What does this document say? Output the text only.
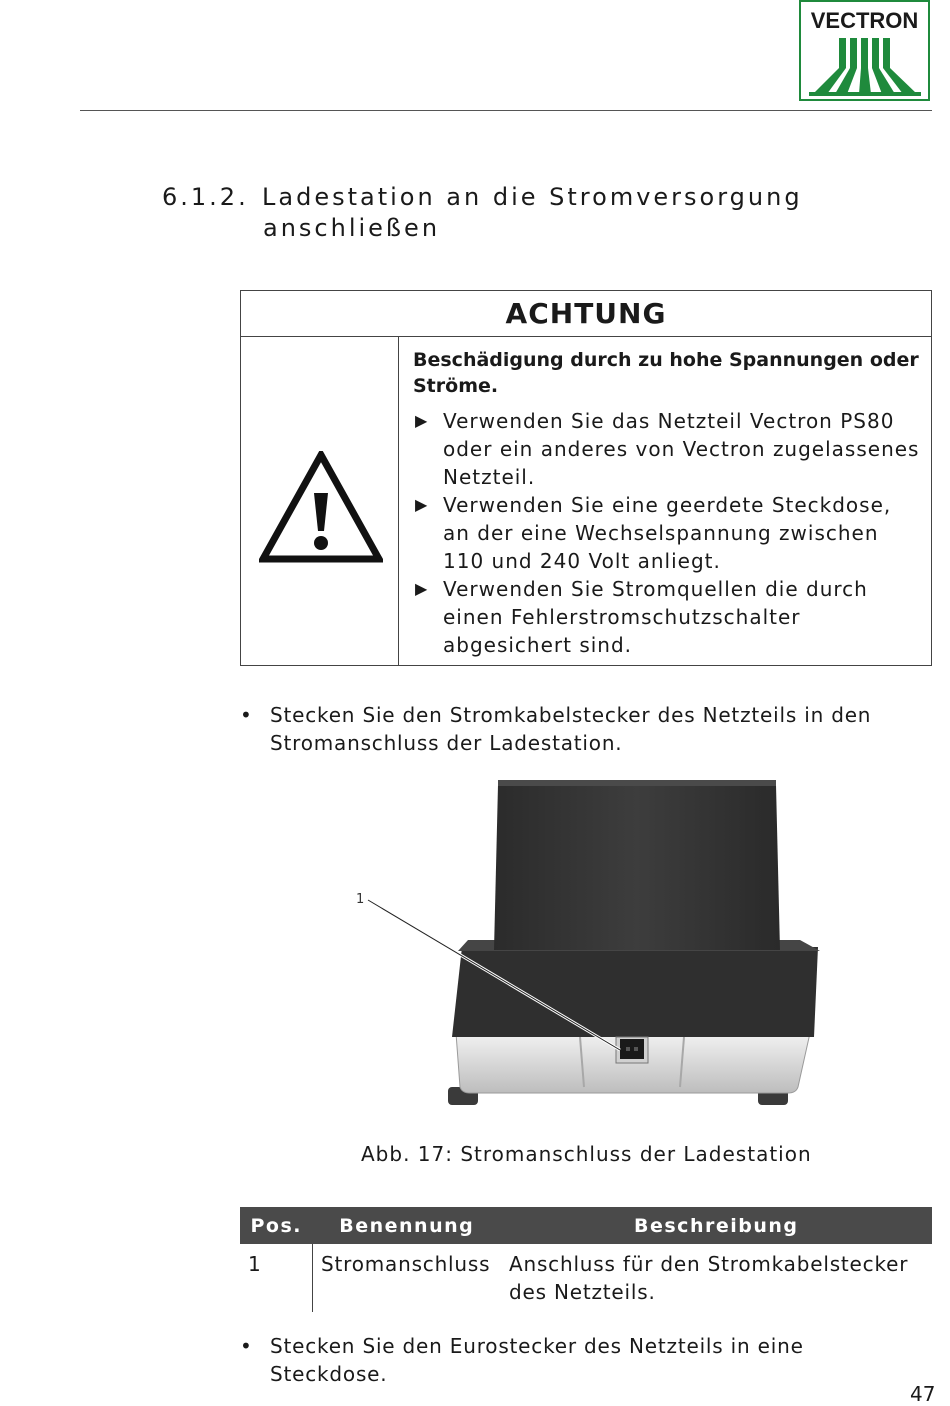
VECTRON
6.1.2. Ladestation an die Stromversorgung
anschließen
ACHTUNG
Beschädigung durch zu hohe Spannungen oder Ströme.
▶ Verwenden Sie das Netzteil Vectron PS80 oder ein anderes von Vectron zugelassenes Netzteil.
▶ Verwenden Sie eine geerdete Steckdose, an der eine Wechselspannung zwischen 110 und 240 Volt anliegt.
▶ Verwenden Sie Stromquellen die durch einen Fehlerstromschutzschalter abgesichert sind.
• Stecken Sie den Stromkabelstecker des Netzteils in den Stromanschluss der Ladestation.
1
Abb. 17: Stromanschluss der Ladestation
Pos.	Benennung	Beschreibung
1	Stromanschluss	Anschluss für den Stromkabelstecker des Netzteils.
• Stecken Sie den Eurostecker des Netzteils in eine Steckdose.
47
